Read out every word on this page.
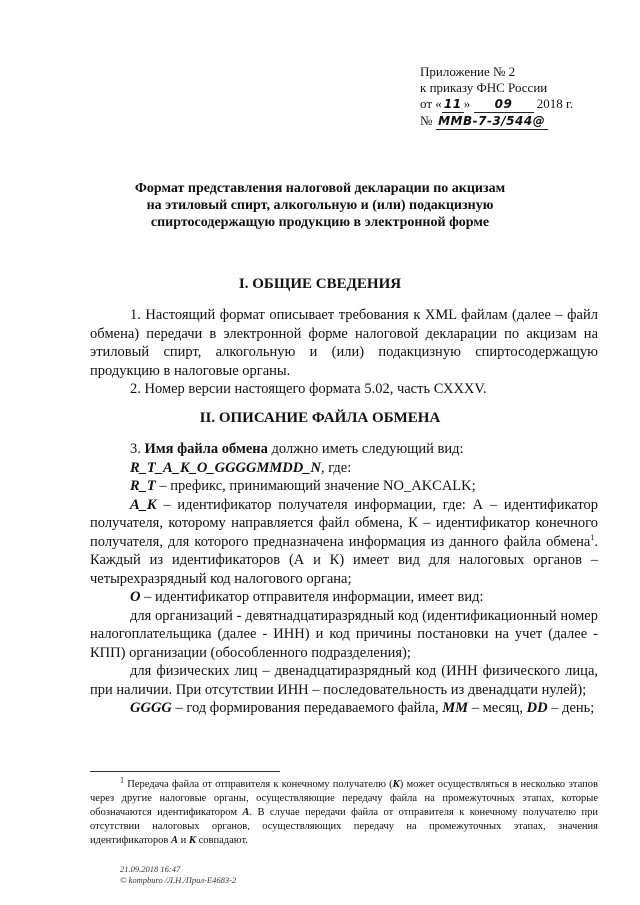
Приложение № 2
к приказу ФНС России
от « 11 » 09 2018 г.
№ ММВ-7-3/544@
Формат представления налоговой декларации по акцизам
на этиловый спирт, алкогольную и (или) подакцизную
спиртосодержащую продукцию в электронной форме
I. ОБЩИЕ СВЕДЕНИЯ

1. Настоящий формат описывает требования к XML файлам (далее – файл обмена) передачи в электронной форме налоговой декларации по акцизам на этиловый спирт, алкогольную и (или) подакцизную спиртосодержащую продукцию в налоговые органы.

2. Номер версии настоящего формата 5.02, часть СХXXV.

II. ОПИСАНИЕ ФАЙЛА ОБМЕНА

3. Имя файла обмена должно иметь следующий вид:

R_T_A_K_O_GGGGMMDD_N, где:

R_T – префикс, принимающий значение NO_AKCALK;

A_K – идентификатор получателя информации, где: А – идентификатор получателя, которому направляется файл обмена, К – идентификатор конечного получателя, для которого предназначена информация из данного файла обмена$^1$. Каждый из идентификаторов (А и К) имеет вид для налоговых органов – четырехразрядный код налогового органа;

O – идентификатор отправителя информации, имеет вид:

для организаций - девятнадцатиразрядный код (идентификационный номер налогоплательщика (далее - ИНН) и код причины постановки на учет (далее - КПП) организации (обособленного подразделения);

для физических лиц – двенадцатиразрядный код (ИНН физического лица, при наличии. При отсутствии ИНН – последовательность из двенадцати нулей);

GGGG – год формирования передаваемого файла, MM – месяц, DD – день;

$^1$ Передача файла от отправителя к конечному получателю (К) может осуществляться в несколько этапов через другие налоговые органы, осуществляющие передачу файла на промежуточных этапах, которые обозначаются идентификатором А. В случае передачи файла от отправителя к конечному получателю при отсутствии налоговых органов, осуществляющих передачу на промежуточных этапах, значения идентификаторов А и К совпадают.
21.09.2018 16:47
© kompburo /Л.Н./Прил-Е4683-2
